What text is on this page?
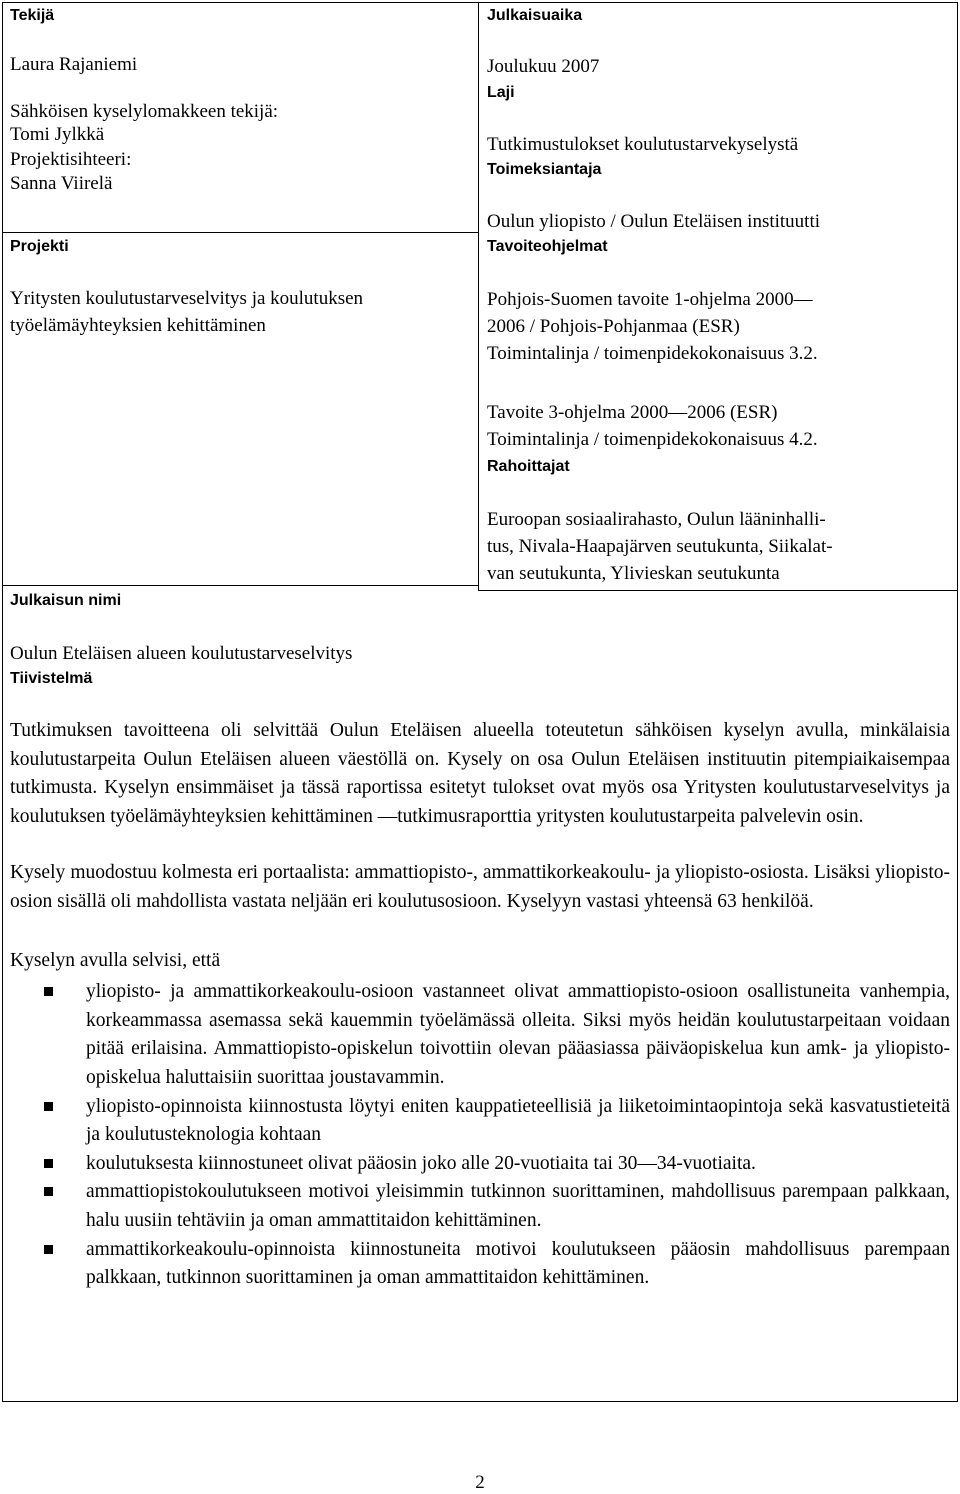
Tekijä
Laura Rajaniemi
Sähköisen kyselylomakkeen tekijä:
Tomi Jylkkä
Projektisihteeri:
Sanna Viirelä
Projekti
Yritysten koulutustarveselvitys ja koulutuksen
työelämäyhteyksien kehittäminen
Julkaisuaika
Joulukuu 2007
Laji
Tutkimustulokset koulutustarvekyselystä
Toimeksiantaja
Oulun yliopisto / Oulun Eteläisen instituutti
Tavoiteohjelmat
Pohjois-Suomen tavoite 1-ohjelma 2000—
2006 / Pohjois-Pohjanmaa (ESR)
Toimintalinja / toimenpidekokonaisuus 3.2.
Tavoite 3-ohjelma 2000—2006 (ESR)
Toimintalinja / toimenpidekokonaisuus 4.2.
Rahoittajat
Euroopan sosiaalirahasto, Oulun lääninhalli-
tus, Nivala-Haapajärven seutukunta, Siikalat-
van seutukunta, Ylivieskan seutukunta
Julkaisun nimi
Oulun Eteläisen alueen koulutustarveselvitys
Tiivistelmä

Tutkimuksen tavoitteena oli selvittää Oulun Eteläisen alueella toteutetun sähköisen kyselyn avulla, minkälaisia koulutustarpeita Oulun Eteläisen alueen väestöllä on. Kysely on osa Oulun Eteläisen instituutin pitempiaikaisempaa tutkimusta. Kyselyn ensimmäiset ja tässä raportissa esitetyt tulokset ovat myös osa Yritysten koulutustarveselvitys ja koulutuksen työelämäyhteyksien kehittäminen —tutkimusraporttia yritysten koulutustarpeita palvelevin osin.

Kysely muodostuu kolmesta eri portaalista: ammattiopisto-, ammattikorkeakoulu- ja yliopisto-osiosta. Lisäksi yliopisto-osion sisällä oli mahdollista vastata neljään eri koulutusosioon. Kyselyyn vastasi yhteensä 63 henkilöä.

Kyselyn avulla selvisi, että

yliopisto- ja ammattikorkeakoulu-osioon vastanneet olivat ammattiopisto-osioon osallistuneita vanhempia, korkeammassa asemassa sekä kauemmin työelämässä olleita. Siksi myös heidän koulutustarpeitaan voidaan pitää erilaisina. Ammattiopisto-opiskelun toivottiin olevan pääasiassa päiväopiskelua kun amk- ja yliopisto-opiskelua haluttaisiin suorittaa joustavammin.
yliopisto-opinnoista kiinnostusta löytyi eniten kauppatieteellisiä ja liiketoimintaopintoja sekä kasvatustieteitä ja koulutusteknologia kohtaan
koulutuksesta kiinnostuneet olivat pääosin joko alle 20-vuotiaita tai 30—34-vuotiaita.
ammattiopistokoulutukseen motivoi yleisimmin tutkinnon suorittaminen, mahdollisuus parempaan palkkaan, halu uusiin tehtäviin ja oman ammattitaidon kehittäminen.
ammattikorkeakoulu-opinnoista kiinnostuneita motivoi koulutukseen pääosin mahdollisuus parempaan palkkaan, tutkinnon suorittaminen ja oman ammattitaidon kehittäminen.
2
